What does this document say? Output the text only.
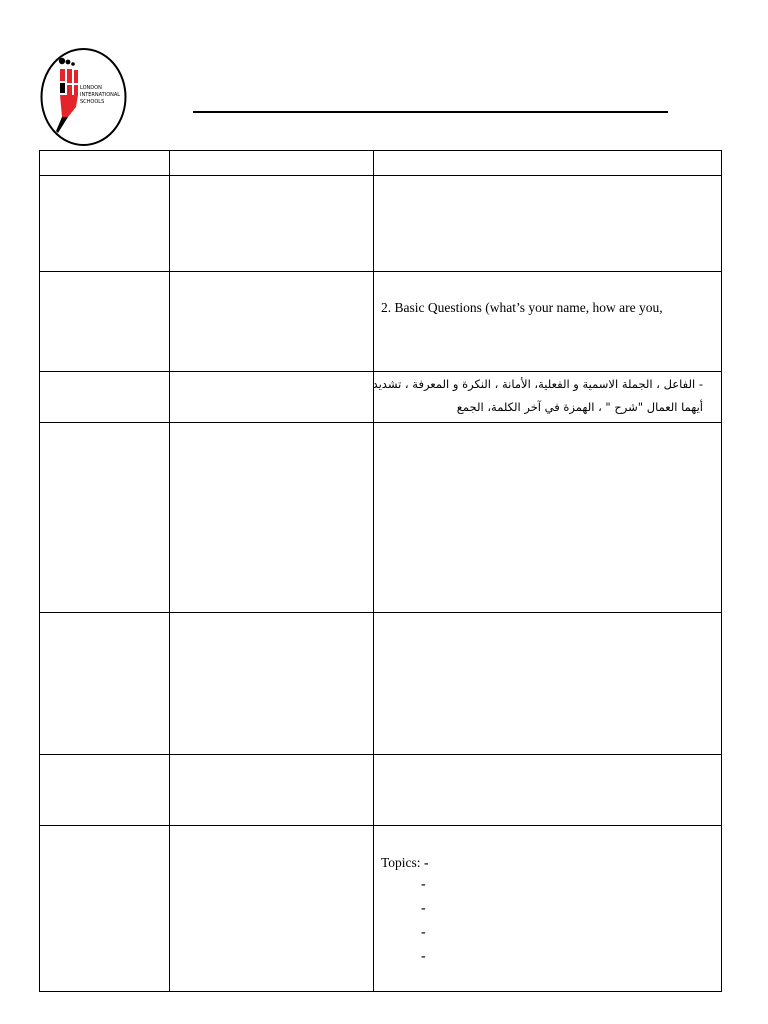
LONDON
INTERNATIONAL
SCHOOLS
2. Basic Questions (what’s your name, how are you,
- الفاعل ، الجملة الاسمية و الفعلية، الأمانة ، النكرة و المعرفة ، تشديد
أيهما العمال "شرح " ، الهمزة في آخر الكلمة، الجمع
Topics: -
-
-
-
-
